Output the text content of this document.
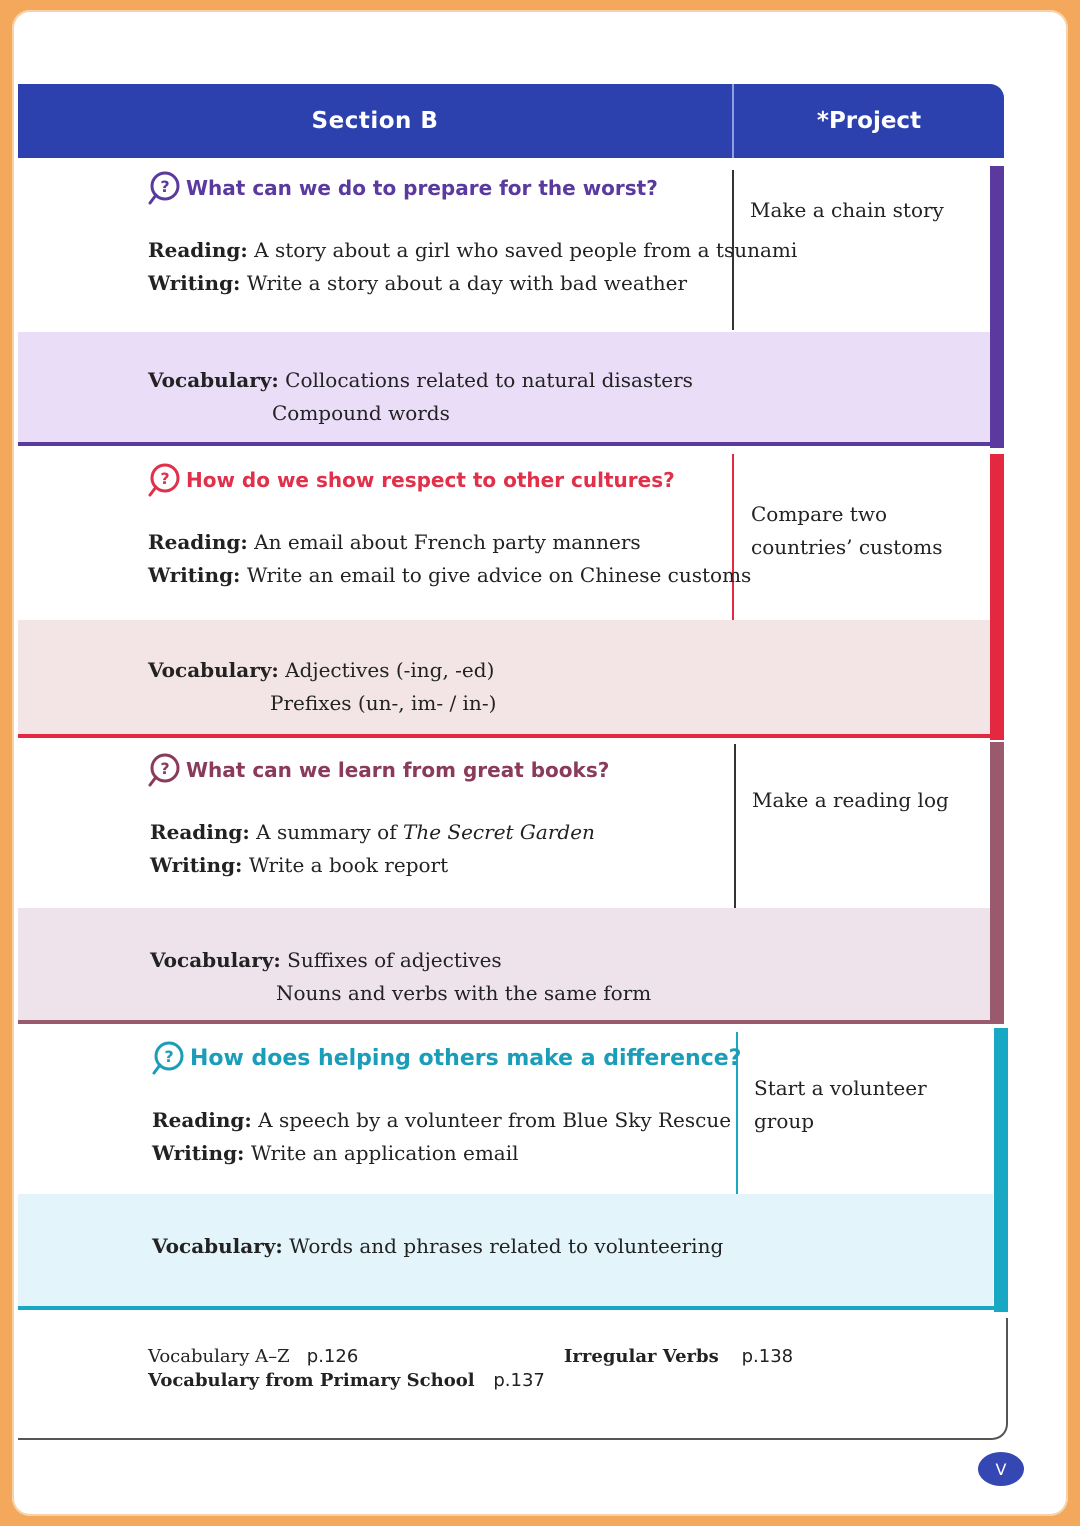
Section B	*Project
? What can we do to prepare for the worst?
Reading: A story about a girl who saved people from a tsunami
Writing: Write a story about a day with bad weather
Vocabulary: Collocations related to natural disasters
Compound words
Make a chain story
? How do we show respect to other cultures?
Reading: An email about French party manners
Writing: Write an email to give advice on Chinese customs
Vocabulary: Adjectives (-ing, -ed)
Prefixes (un-, im- / in-)
Compare two countries’ customs
? What can we learn from great books?
Reading: A summary of The Secret Garden
Writing: Write a book report
Vocabulary: Suffixes of adjectives
Nouns and verbs with the same form
Make a reading log
? How does helping others make a difference?
Reading: A speech by a volunteer from Blue Sky Rescue
Writing: Write an application email
Vocabulary: Words and phrases related to volunteering
Start a volunteer group
Vocabulary A–Z p.126
Vocabulary from Primary School p.137
Irregular Verbs p.138
V
